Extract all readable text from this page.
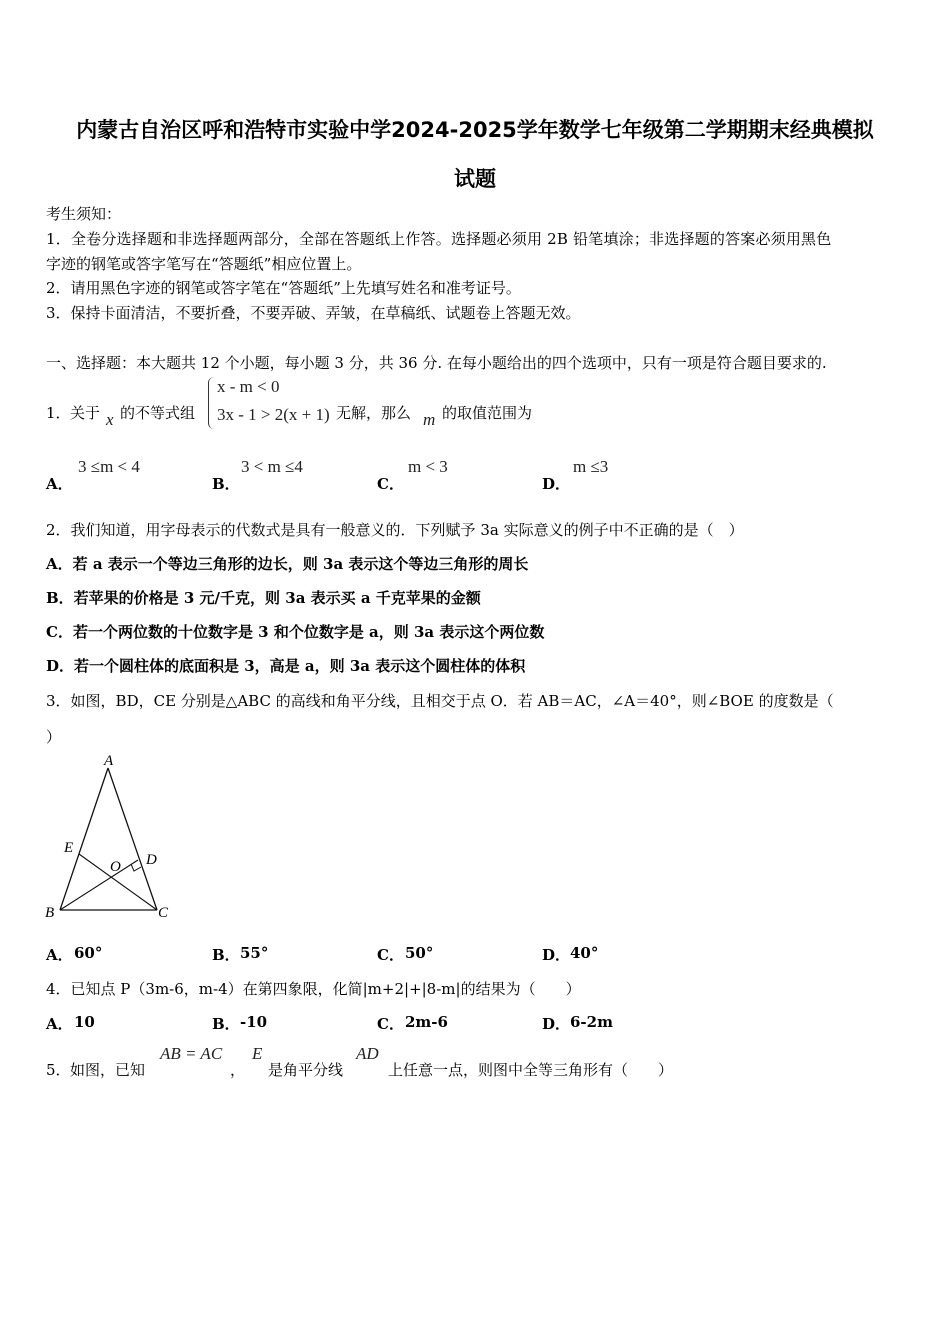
内蒙古自治区呼和浩特市实验中学2024-2025学年数学七年级第二学期期末经典模拟
试题
考生须知：
1．全卷分选择题和非选择题两部分，全部在答题纸上作答。选择题必须用 2B 铅笔填涂；非选择题的答案必须用黑色
字迹的钢笔或答字笔写在“答题纸”相应位置上。
2．请用黑色字迹的钢笔或答字笔在“答题纸”上先填写姓名和准考证号。
3．保持卡面清洁，不要折叠，不要弄破、弄皱，在草稿纸、试题卷上答题无效。
一、选择题：本大题共 12 个小题，每小题 3 分，共 36 分. 在每小题给出的四个选项中，只有一项是符合题目要求的.
1． 关于 x 的不等式组
x - m < 0
3x - 1 > 2(x + 1) 无解，那么 m 的取值范围为
A．
3 ≤m < 4
B．
3 < m ≤4
C．
m < 3
D．
m ≤3
2．我们知道，用字母表示的代数式是具有一般意义的．下列赋予 3a 实际意义的例子中不正确的是（　）
A．若 a 表示一个等边三角形的边长，则 3a 表示这个等边三角形的周长
B．若苹果的价格是 3 元/千克，则 3a 表示买 a 千克苹果的金额
C．若一个两位数的十位数字是 3 和个位数字是 a，则 3a 表示这个两位数
D．若一个圆柱体的底面积是 3，高是 a，则 3a 表示这个圆柱体的体积
3．如图，BD，CE 分别是△ABC 的高线和角平分线，且相交于点 O．若 AB＝AC，∠A＝40°，则∠BOE 的度数是（
）
A
B	C
D
E
O
A． 60°	B． 55°	C． 50°	D． 40°
4．已知点 P（3m-6，m-4）在第四象限，化简|m+2|+|8-m|的结果为（　　）
A． 10	B． -10	C． 2m-6	D． 6-2m
5． 如图，已知
AB = AC
，
E
是角平分线
AD
上任意一点，则图中全等三角形有（　　）
